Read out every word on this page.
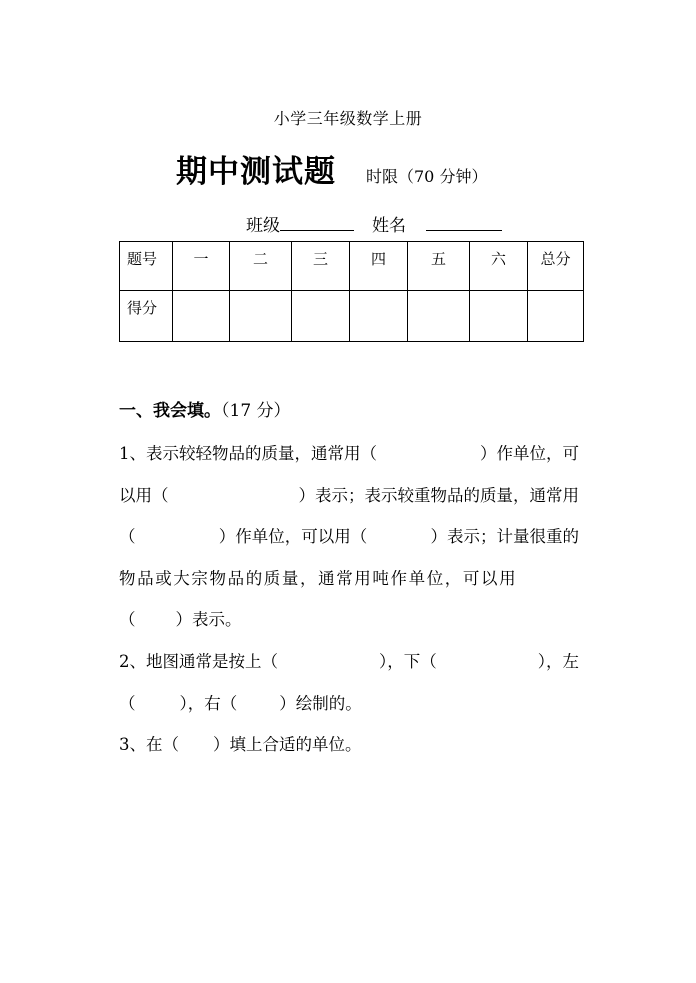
小学三年级数学上册
期中测试题 时限（70 分钟）
班级	姓名
题号	一	二	三	四	五	六	总分
得分							
一、我会填。（17 分）
1、表示较轻物品的质量，通常用（	）作单位，可
以用（	）表示；表示较重物品的质量，通常用
（	）作单位，可以用（	）表示；计量很重的
物品或大宗物品的质量，通常用吨作单位，可以用
（ ）表示。
2、地图通常是按上（	），下（	），左
（	），右（	）绘制的。
3、在（ ）填上合适的单位。
